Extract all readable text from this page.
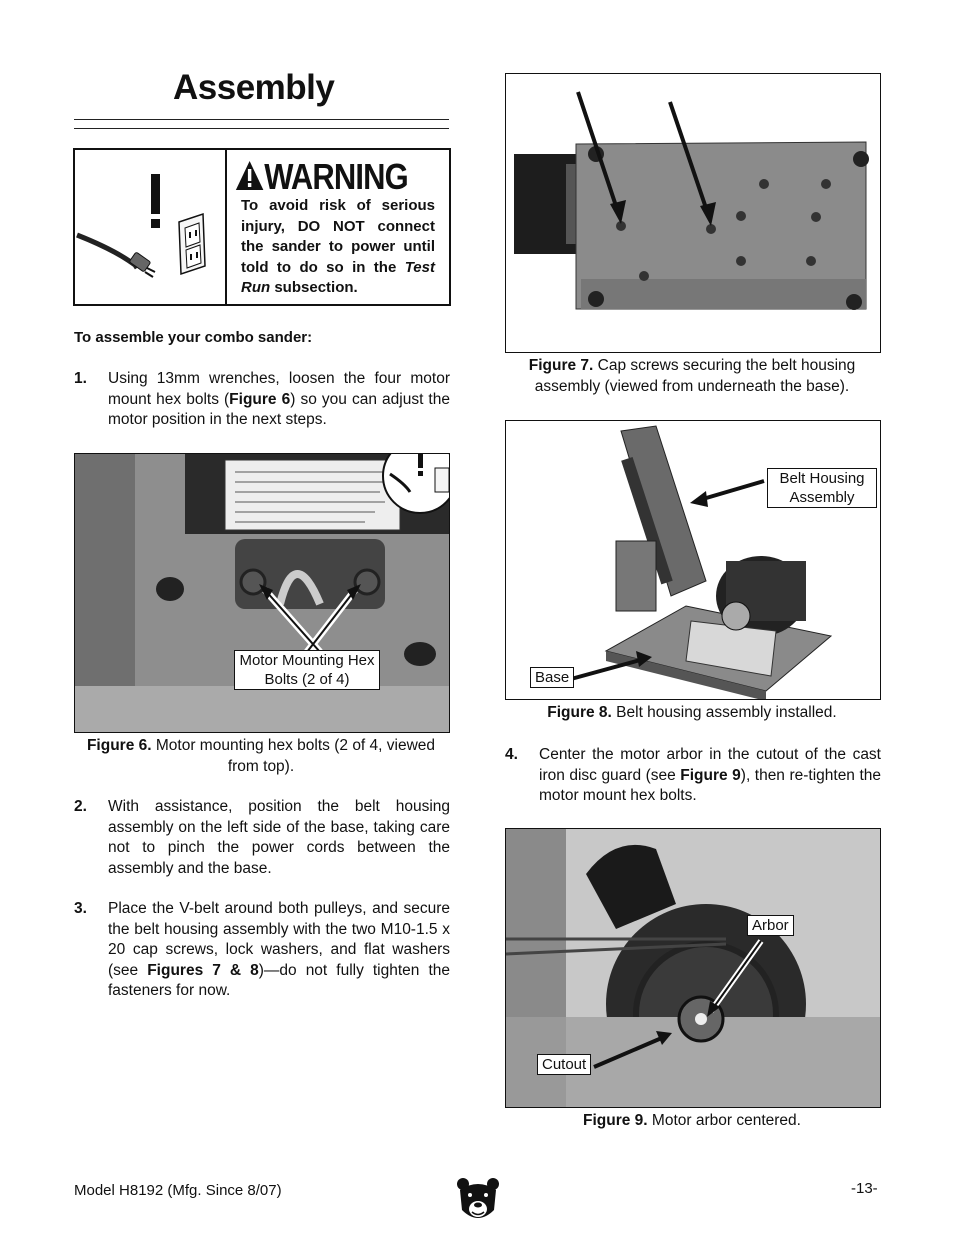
Assembly
WARNING
To avoid risk of serious injury, DO NOT connect the sander to power until told to do so in the Test Run subsection.
To assemble your combo sander:
1. Using 13mm wrenches, loosen the four motor mount hex bolts (Figure 6) so you can adjust the motor position in the next steps.
Motor Mounting Hex Bolts (2 of 4)
Figure 6. Motor mounting hex bolts (2 of 4, viewed from top).
2. With assistance, position the belt housing assembly on the left side of the base, taking care not to pinch the power cords between the assembly and the base.
3. Place the V-belt around both pulleys, and secure the belt housing assembly with the two M10-1.5 x 20 cap screws, lock washers, and flat washers (see Figures 7 & 8)—do not fully tighten the fasteners for now.
Figure 7. Cap screws securing the belt housing assembly (viewed from underneath the base).
Belt Housing Assembly
Base
Figure 8. Belt housing assembly installed.
4. Center the motor arbor in the cutout of the cast iron disc guard (see Figure 9), then re-tighten the motor mount hex bolts.
Arbor
Cutout
Figure 9. Motor arbor centered.
Model H8192 (Mfg. Since 8/07)	-13-
